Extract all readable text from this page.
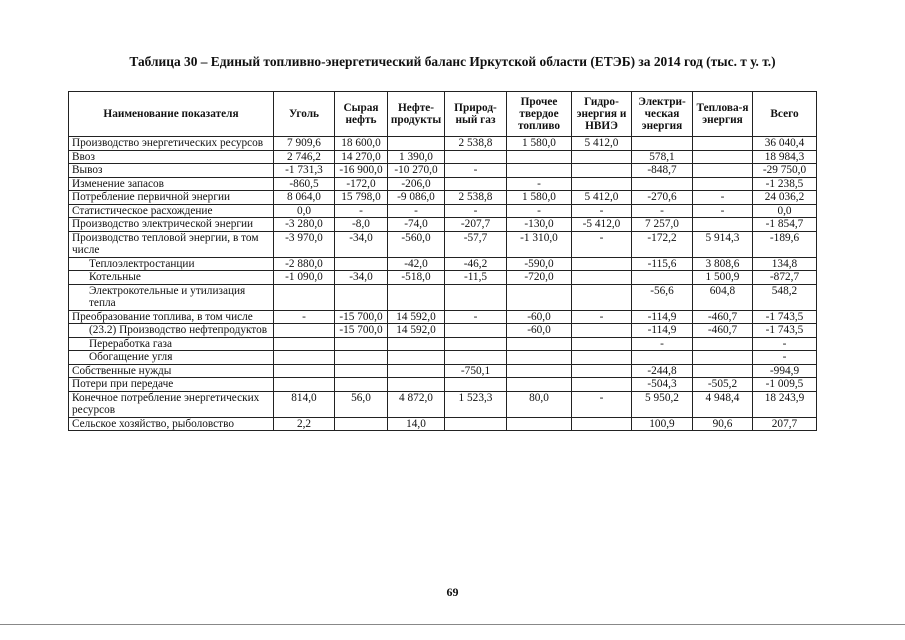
Таблица 30 – Единый топливно-энергетический баланс Иркутской области (ЕТЭБ) за 2014 год (тыс. т у. т.)
Наименование показателя	Уголь	Сырая нефть	Нефте-продукты	Природ-ный газ	Прочее твердое топливо	Гидро-энергия и НВИЭ	Электри-ческая энергия	Теплова-я энергия	Всего
Производство энергетических ресурсов	7 909,6	18 600,0		2 538,8	1 580,0	5 412,0			36 040,4
Ввоз	2 746,2	14 270,0	1 390,0				578,1		18 984,3
Вывоз	-1 731,3	-16 900,0	-10 270,0	-			-848,7		-29 750,0
Изменение запасов	-860,5	-172,0	-206,0		-				-1 238,5
Потребление первичной энергии	8 064,0	15 798,0	-9 086,0	2 538,8	1 580,0	5 412,0	-270,6	-	24 036,2
Статистическое расхождение	0,0	-	-	-	-	-	-	-	0,0
Производство электрической энергии	-3 280,0	-8,0	-74,0	-207,7	-130,0	-5 412,0	7 257,0		-1 854,7
Производство тепловой энергии, в том числе	-3 970,0	-34,0	-560,0	-57,7	-1 310,0	-	-172,2	5 914,3	-189,6
Теплоэлектростанции	-2 880,0		-42,0	-46,2	-590,0		-115,6	3 808,6	134,8
Котельные	-1 090,0	-34,0	-518,0	-11,5	-720,0			1 500,9	-872,7
Электрокотельные и утилизация тепла							-56,6	604,8	548,2
Преобразование топлива, в том числе	-	-15 700,0	14 592,0	-	-60,0	-	-114,9	-460,7	-1 743,5
(23.2) Производство нефтепродуктов		-15 700,0	14 592,0		-60,0		-114,9	-460,7	-1 743,5
Переработка газа							-		-
Обогащение угля									-
Собственные нужды				-750,1			-244,8		-994,9
Потери при передаче							-504,3	-505,2	-1 009,5
Конечное потребление энергетических ресурсов	814,0	56,0	4 872,0	1 523,3	80,0	-	5 950,2	4 948,4	18 243,9
Сельское хозяйство, рыболовство	2,2		14,0				100,9	90,6	207,7
69
